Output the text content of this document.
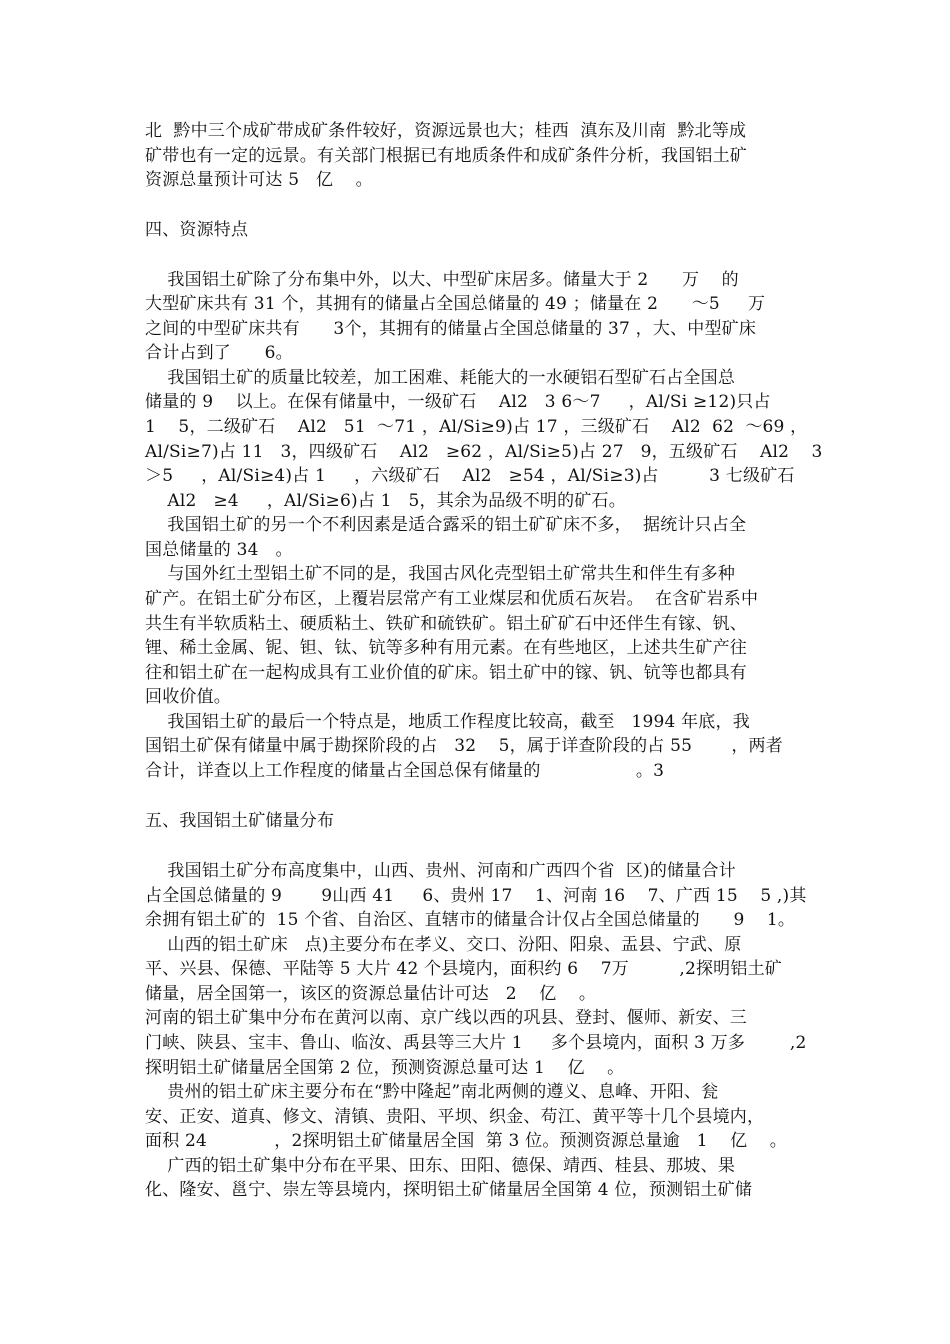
北  黔中三个成矿带成矿条件较好，资源远景也大；桂西  滇东及川南  黔北等成
矿带也有一定的远景。有关部门根据已有地质条件和成矿条件分析，我国铝土矿
资源总量预计可达 5   亿    。
四、资源特点
我国铝土矿除了分布集中外，以大、中型矿床居多。储量大于 2      万    的
大型矿床共有 31 个，其拥有的储量占全国总储量的 49 ；储量在 2      ～5     万
之间的中型矿床共有      3个，其拥有的储量占全国总储量的 37 ，大、中型矿床
合计占到了      6。
我国铝土矿的质量比较差，加工困难、耗能大的一水硬铝石型矿石占全国总
储量的 9    以上。在保有储量中，一级矿石    Al2   3 6～7     ，Al/Si ≥12)只占
1    5，二级矿石    Al2   51  ～71 ，Al/Si≥9)占 17 ，三级矿石    Al2  62  ～69 ，
Al/Si≥7)占 11   3，四级矿石    Al2   ≥62 ，Al/Si≥5)占 27   9，五级矿石    Al2    3
＞5     ，Al/Si≥4)占 1     ，六级矿石    Al2   ≥54 ，Al/Si≥3)占         3 七级矿石
Al2   ≥4     ，Al/Si≥6)占 1   5，其余为品级不明的矿石。
我国铝土矿的另一个不利因素是适合露采的铝土矿矿床不多，  据统计只占全
国总储量的 34   。
与国外红土型铝土矿不同的是，我国古风化壳型铝土矿常共生和伴生有多种
矿产。在铝土矿分布区，上覆岩层常产有工业煤层和优质石灰岩。  在含矿岩系中
共生有半软质粘土、硬质粘土、铁矿和硫铁矿。铝土矿矿石中还伴生有镓、钒、
锂、稀土金属、铌、钽、钛、钪等多种有用元素。在有些地区，上述共生矿产往
往和铝土矿在一起构成具有工业价值的矿床。铝土矿中的镓、钒、钪等也都具有
回收价值。
我国铝土矿的最后一个特点是，地质工作程度比较高，截至   1994 年底，我
国铝土矿保有储量中属于勘探阶段的占   32    5，属于详查阶段的占 55       ，两者
合计，详查以上工作程度的储量占全国总保有储量的                 。3
五、我国铝土矿储量分布
我国铝土矿分布高度集中，山西、贵州、河南和广西四个省  区)的储量合计
占全国总储量的 9       9山西 41     6、贵州 17    1、河南 16    7、广西 15    5 ,)其
余拥有铝土矿的  15 个省、自治区、直辖市的储量合计仅占全国总储量的      9    1。
山西的铝土矿床   点)主要分布在孝义、交口、汾阳、阳泉、盂县、宁武、原
平、兴县、保德、平陆等 5 大片 42 个县境内，面积约 6    7万         ,2探明铝土矿
储量，居全国第一，该区的资源总量估计可达   2    亿    。
河南的铝土矿集中分布在黄河以南、京广线以西的巩县、登封、偃师、新安、三
门峡、陕县、宝丰、鲁山、临汝、禹县等三大片 1     多个县境内，面积 3 万多        ,2
探明铝土矿储量居全国第 2 位，预测资源总量可达 1    亿    。
贵州的铝土矿床主要分布在“黔中隆起”南北两侧的遵义、息峰、开阳、瓮
安、正安、道真、修文、清镇、贵阳、平坝、织金、苟江、黄平等十几个县境内，
面积 24            ，2探明铝土矿储量居全国  第 3 位。预测资源总量逾   1    亿    。
广西的铝土矿集中分布在平果、田东、田阳、德保、靖西、桂县、那坡、果
化、隆安、邕宁、崇左等县境内，探明铝土矿储量居全国第 4 位，预测铝土矿储
